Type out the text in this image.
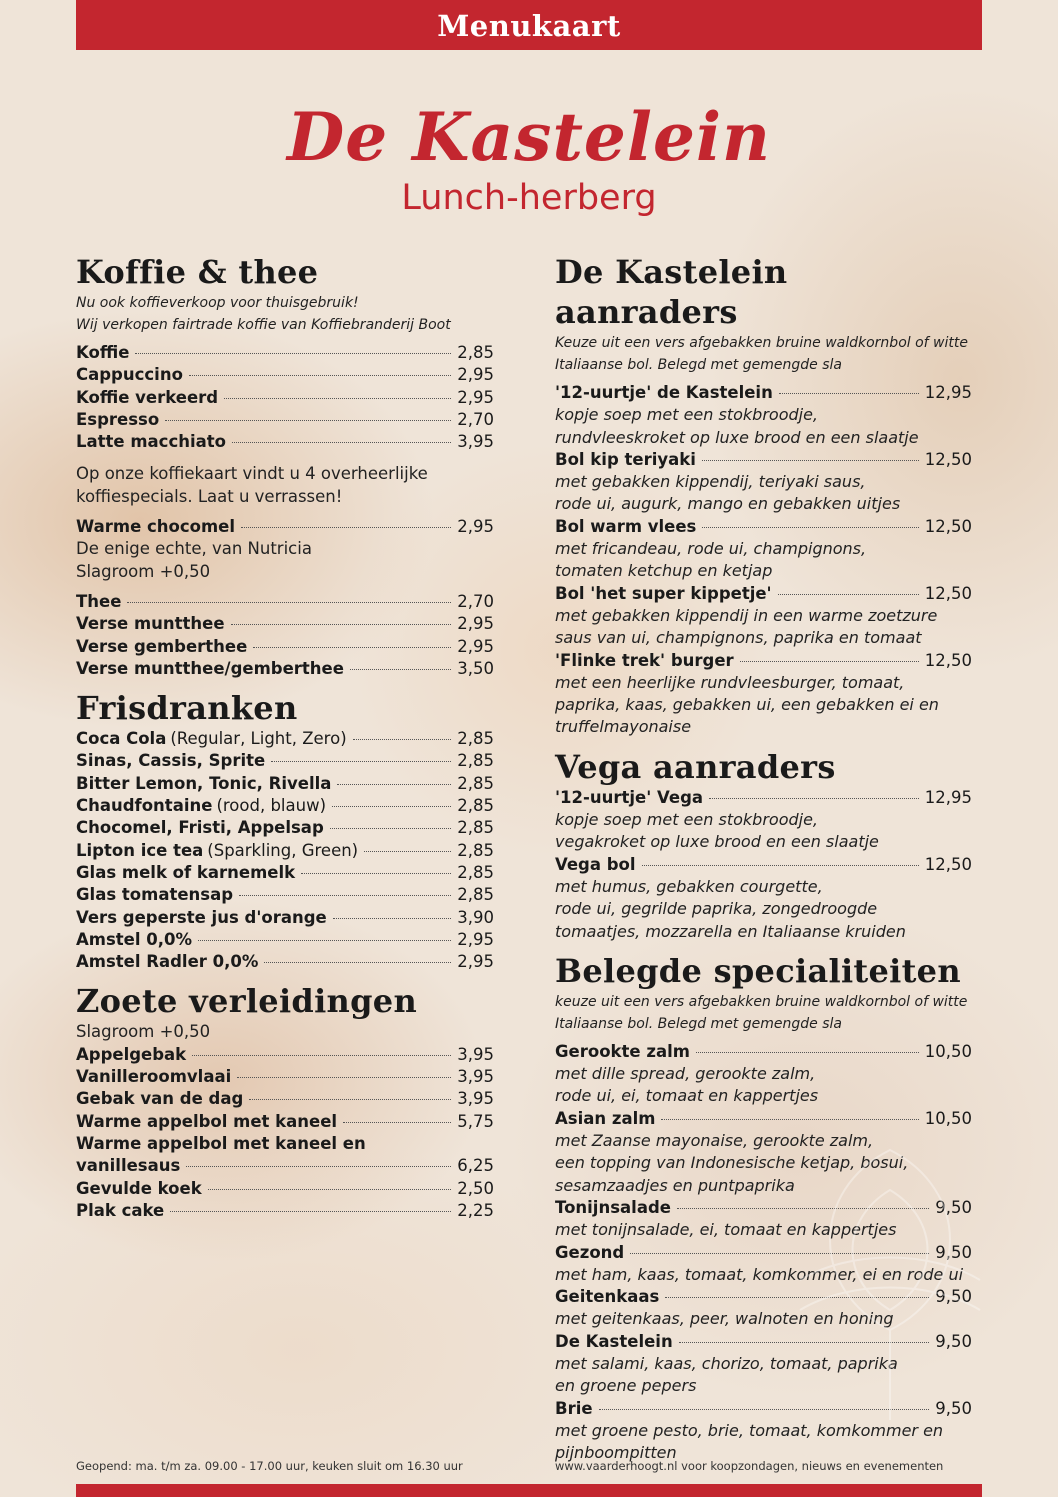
Menukaart
De Kastelein
Lunch-herberg
Koffie & thee
Nu ook koffieverkoop voor thuisgebruik!
Wij verkopen fairtrade koffie van Koffiebranderij Boot
Koffie	2,85
Cappuccino	2,95
Koffie verkeerd	2,95
Espresso	2,70
Latte macchiato	3,95
Op onze koffiekaart vindt u 4 overheerlijke
koffiespecials. Laat u verrassen!
Warme chocomel	2,95
De enige echte, van Nutricia
Slagroom +0,50
Thee	2,70
Verse muntthee	2,95
Verse gemberthee	2,95
Verse muntthee/gemberthee	3,50
Frisdranken
Coca Cola (Regular, Light, Zero)	2,85
Sinas, Cassis, Sprite	2,85
Bitter Lemon, Tonic, Rivella	2,85
Chaudfontaine (rood, blauw)	2,85
Chocomel, Fristi, Appelsap	2,85
Lipton ice tea (Sparkling, Green)	2,85
Glas melk of karnemelk	2,85
Glas tomatensap	2,85
Vers geperste jus d'orange	3,90
Amstel 0,0%	2,95
Amstel Radler 0,0%	2,95
Zoete verleidingen
Slagroom +0,50
Appelgebak	3,95
Vanilleroomvlaai	3,95
Gebak van de dag	3,95
Warme appelbol met kaneel	5,75
Warme appelbol met kaneel en
vanillesaus	6,25
Gevulde koek	2,50
Plak cake	2,25
De Kastelein aanraders
Keuze uit een vers afgebakken bruine waldkornbol of witte
Italiaanse bol. Belegd met gemengde sla
'12-uurtje' de Kastelein	12,95
kopje soep met een stokbroodje,
rundvleeskroket op luxe brood en een slaatje
Bol kip teriyaki	12,50
met gebakken kippendij, teriyaki saus,
rode ui, augurk, mango en gebakken uitjes
Bol warm vlees	12,50
met fricandeau, rode ui, champignons,
tomaten ketchup en ketjap
Bol 'het super kippetje'	12,50
met gebakken kippendij in een warme zoetzure
saus van ui, champignons, paprika en tomaat
'Flinke trek' burger	12,50
met een heerlijke rundvleesburger, tomaat,
paprika, kaas, gebakken ui, een gebakken ei en
truffelmayonaise
Vega aanraders
'12-uurtje' Vega	12,95
kopje soep met een stokbroodje,
vegakroket op luxe brood en een slaatje
Vega bol	12,50
met humus, gebakken courgette,
rode ui, gegrilde paprika, zongedroogde
tomaatjes, mozzarella en Italiaanse kruiden
Belegde specialiteiten
keuze uit een vers afgebakken bruine waldkornbol of witte
Italiaanse bol. Belegd met gemengde sla
Gerookte zalm	10,50
met dille spread, gerookte zalm,
rode ui, ei, tomaat en kappertjes
Asian zalm	10,50
met Zaanse mayonaise, gerookte zalm,
een topping van Indonesische ketjap, bosui,
sesamzaadjes en puntpaprika
Tonijnsalade	9,50
met tonijnsalade, ei, tomaat en kappertjes
Gezond	9,50
met ham, kaas, tomaat, komkommer, ei en rode ui
Geitenkaas	9,50
met geitenkaas, peer, walnoten en honing
De Kastelein	9,50
met salami, kaas, chorizo, tomaat, paprika
en groene pepers
Brie	9,50
met groene pesto, brie, tomaat, komkommer en
pijnboompitten
Geopend: ma. t/m za. 09.00 - 17.00 uur, keuken sluit om 16.30 uur	www.vaarderhoogt.nl voor koopzondagen, nieuws en evenementen
